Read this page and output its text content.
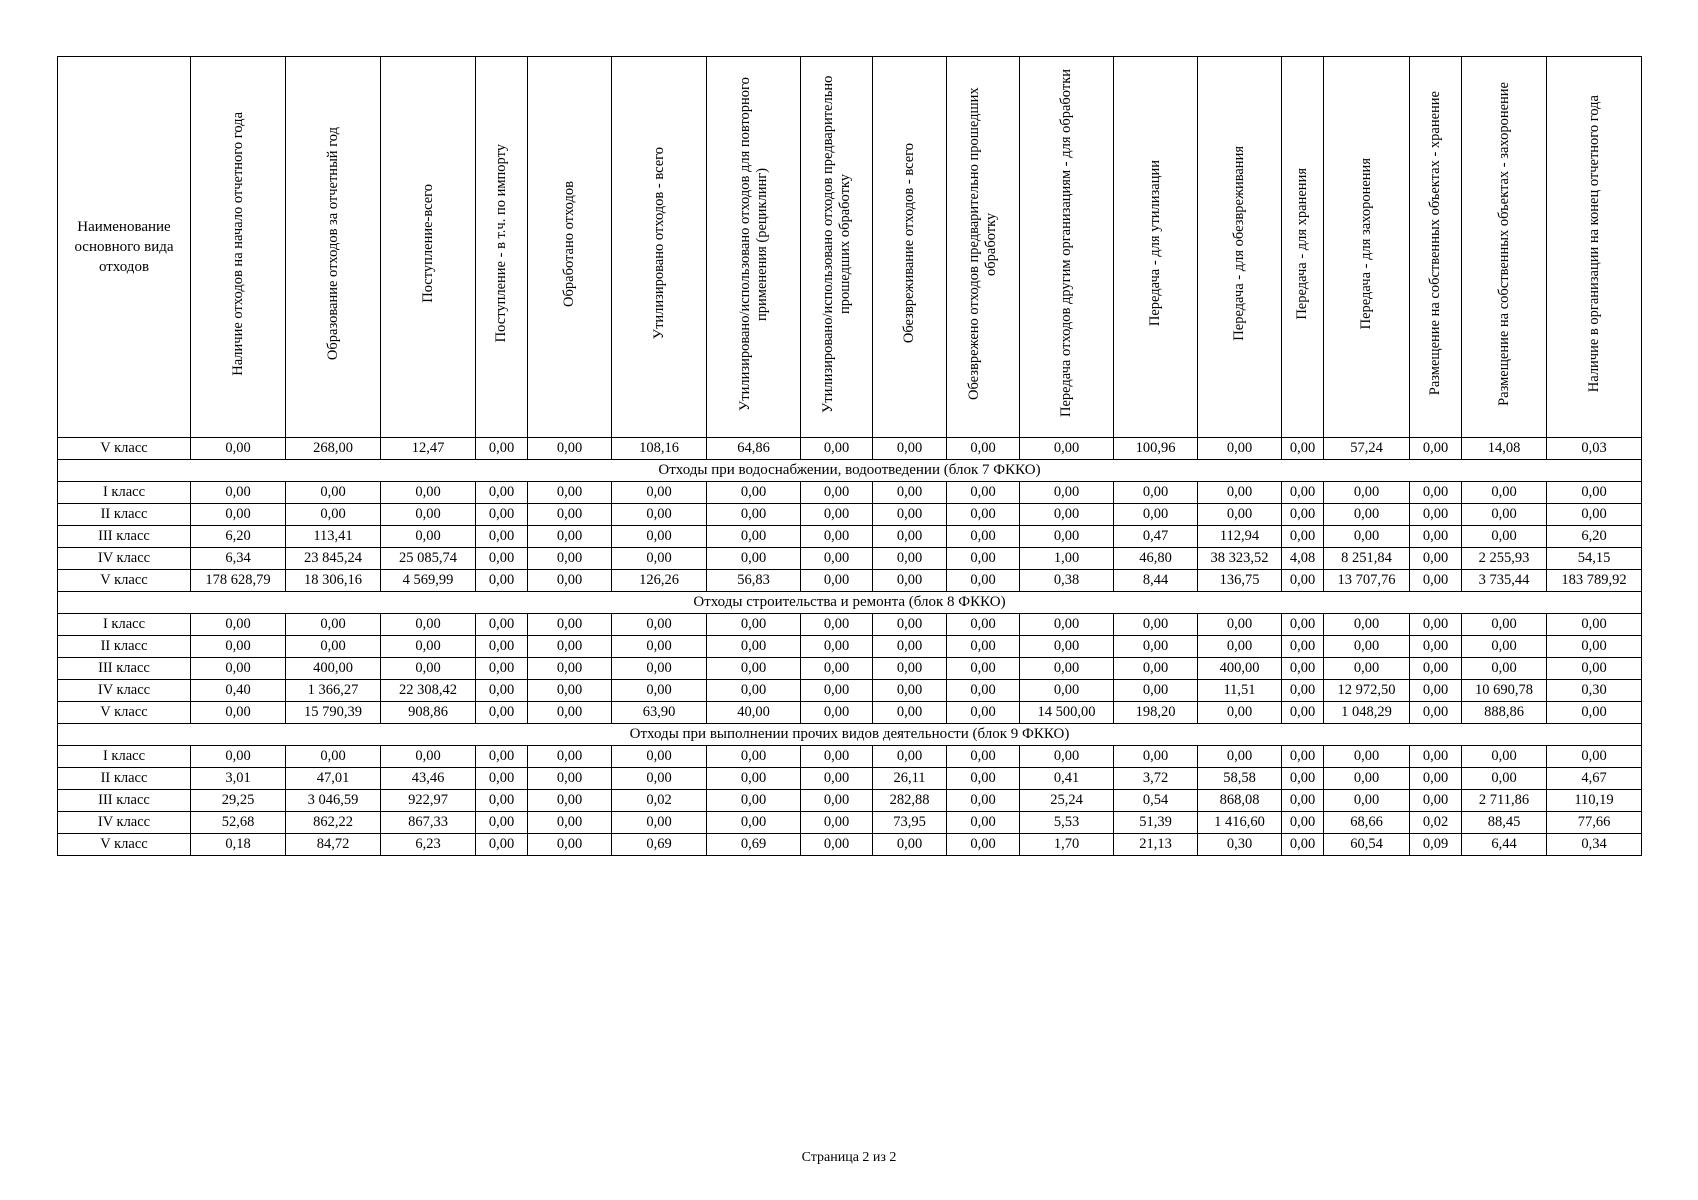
Наименование основного вида отходов	Наличие отходов на начало отчетного года	Образование отходов за отчетный год	Поступление-всего	Поступление - в т.ч. по импорту	Обработано отходов	Утилизировано отходов - всего	Утилизировано/использовано отходов для повторного применения (рециклинг)	Утилизировано/использовано отходов предварительно прошедших обработку	Обезвреживание отходов - всего	Обезврежено отходов предварительно прошедших обработку	Передача отходов другим организациям - для обработки	Передача - для утилизации	Передача - для обезвреживания	Передача - для хранения	Передача - для захоронения	Размещение на собственных объектах - хранение	Размещение на собственных объектах - захоронение	Наличие в организации на конец отчетного года
V класс	0,00	268,00	12,47	0,00	0,00	108,16	64,86	0,00	0,00	0,00	0,00	100,96	0,00	0,00	57,24	0,00	14,08	0,03
Отходы при водоснабжении, водоотведении (блок 7 ФККО)																		
I класс	0,00	0,00	0,00	0,00	0,00	0,00	0,00	0,00	0,00	0,00	0,00	0,00	0,00	0,00	0,00	0,00	0,00	0,00
II класс	0,00	0,00	0,00	0,00	0,00	0,00	0,00	0,00	0,00	0,00	0,00	0,00	0,00	0,00	0,00	0,00	0,00	0,00
III класс	6,20	113,41	0,00	0,00	0,00	0,00	0,00	0,00	0,00	0,00	0,00	0,47	112,94	0,00	0,00	0,00	0,00	6,20
IV класс	6,34	23 845,24	25 085,74	0,00	0,00	0,00	0,00	0,00	0,00	0,00	1,00	46,80	38 323,52	4,08	8 251,84	0,00	2 255,93	54,15
V класс	178 628,79	18 306,16	4 569,99	0,00	0,00	126,26	56,83	0,00	0,00	0,00	0,38	8,44	136,75	0,00	13 707,76	0,00	3 735,44	183 789,92
Отходы строительства и ремонта (блок 8 ФККО)																		
I класс	0,00	0,00	0,00	0,00	0,00	0,00	0,00	0,00	0,00	0,00	0,00	0,00	0,00	0,00	0,00	0,00	0,00	0,00
II класс	0,00	0,00	0,00	0,00	0,00	0,00	0,00	0,00	0,00	0,00	0,00	0,00	0,00	0,00	0,00	0,00	0,00	0,00
III класс	0,00	400,00	0,00	0,00	0,00	0,00	0,00	0,00	0,00	0,00	0,00	0,00	400,00	0,00	0,00	0,00	0,00	0,00
IV класс	0,40	1 366,27	22 308,42	0,00	0,00	0,00	0,00	0,00	0,00	0,00	0,00	0,00	11,51	0,00	12 972,50	0,00	10 690,78	0,30
V класс	0,00	15 790,39	908,86	0,00	0,00	63,90	40,00	0,00	0,00	0,00	14 500,00	198,20	0,00	0,00	1 048,29	0,00	888,86	0,00
Отходы при выполнении прочих видов деятельности (блок 9 ФККО)																		
I класс	0,00	0,00	0,00	0,00	0,00	0,00	0,00	0,00	0,00	0,00	0,00	0,00	0,00	0,00	0,00	0,00	0,00	0,00
II класс	3,01	47,01	43,46	0,00	0,00	0,00	0,00	0,00	26,11	0,00	0,41	3,72	58,58	0,00	0,00	0,00	0,00	4,67
III класс	29,25	3 046,59	922,97	0,00	0,00	0,02	0,00	0,00	282,88	0,00	25,24	0,54	868,08	0,00	0,00	0,00	2 711,86	110,19
IV класс	52,68	862,22	867,33	0,00	0,00	0,00	0,00	0,00	73,95	0,00	5,53	51,39	1 416,60	0,00	68,66	0,02	88,45	77,66
V класс	0,18	84,72	6,23	0,00	0,00	0,69	0,69	0,00	0,00	0,00	1,70	21,13	0,30	0,00	60,54	0,09	6,44	0,34
Страница 2 из 2
